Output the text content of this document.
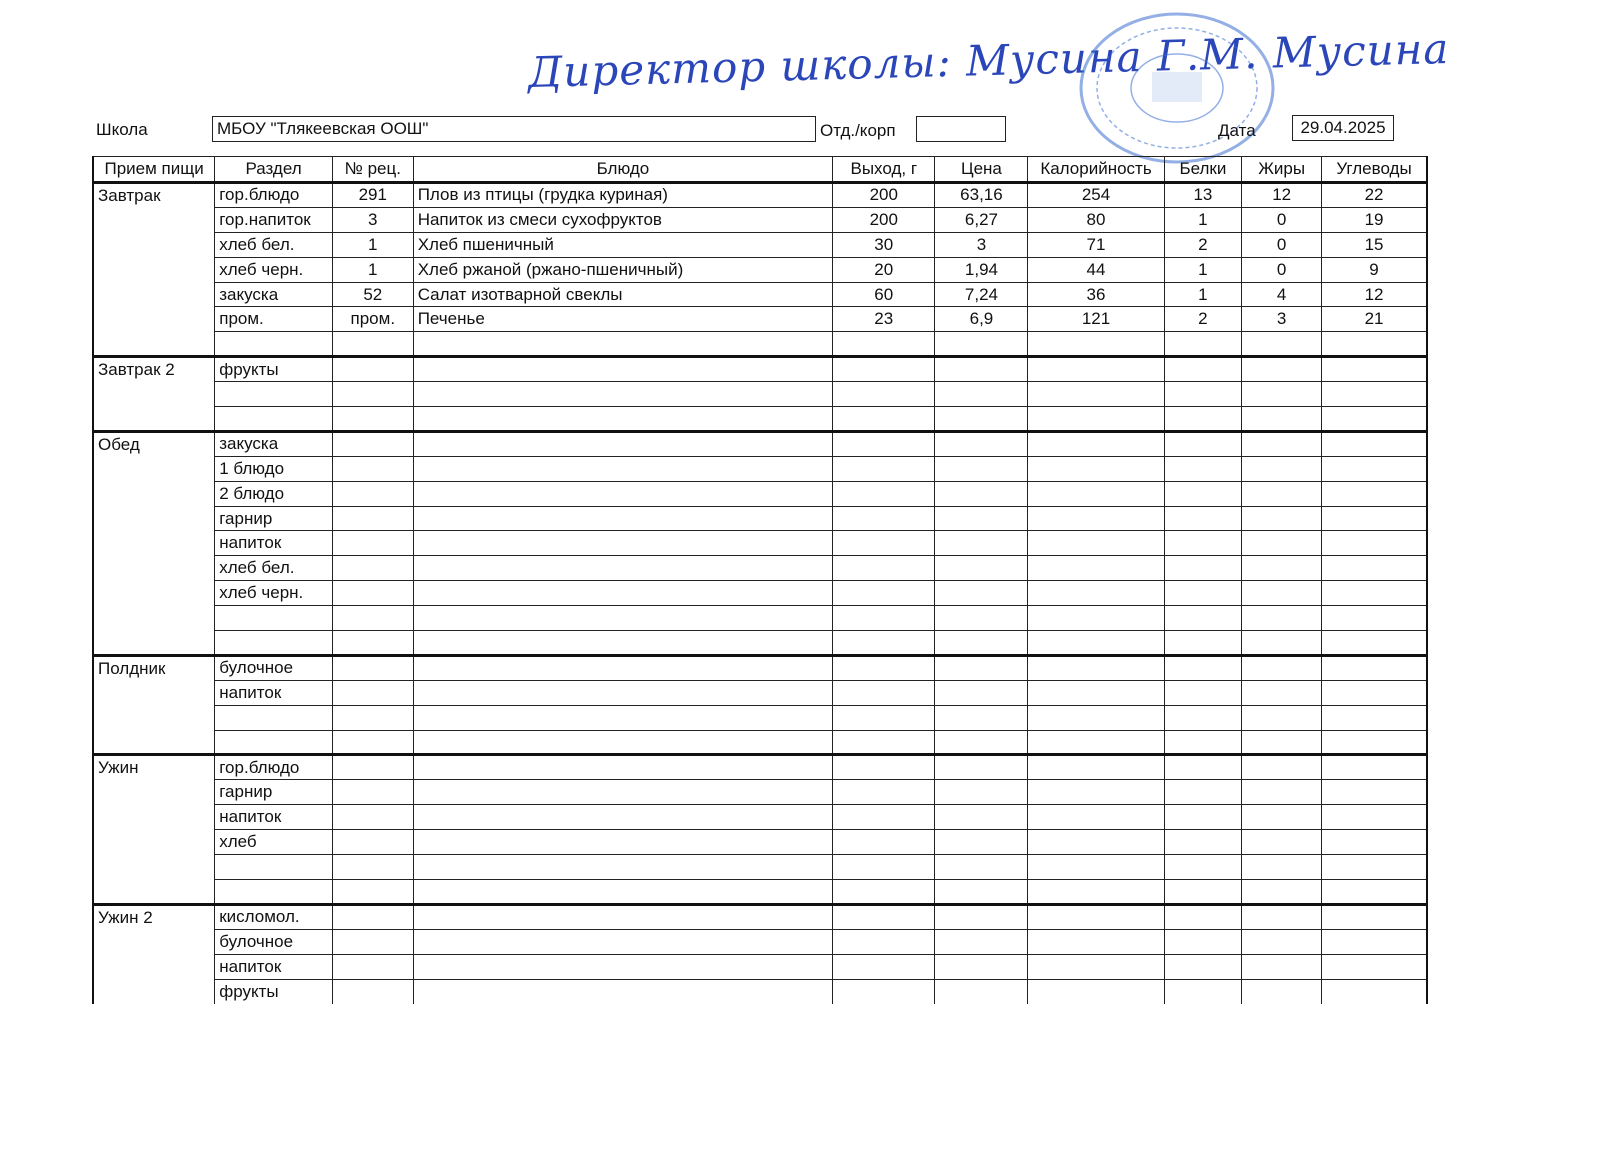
Директор школы: Мусина Г.М. Мусина
Школа	МБОУ "Тлякеевская ООШ"	Отд./корп	Дата	29.04.2025
Прием пищи	Раздел	№ рец.	Блюдо	Выход, г	Цена	Калорийность	Белки	Жиры	Углеводы
Завтрак	гор.блюдо	291	Плов из птицы (грудка куриная)	200	63,16	254	13	12	22
	гор.напиток	3	Напиток из смеси сухофруктов	200	6,27	80	1	0	19
	хлеб бел.	1	Хлеб пшеничный	30	3	71	2	0	15
	хлеб черн.	1	Хлеб ржаной (ржано-пшеничный)	20	1,94	44	1	0	9
	закуска	52	Салат изотварной свеклы	60	7,24	36	1	4	12
	пром.	пром.	Печенье	23	6,9	121	2	3	21

Завтрак 2	фрукты								

Обед	закуска								
	1 блюдо								
	2 блюдо								
	гарнир								
	напиток								
	хлеб бел.								
	хлеб черн.								

Полдник	булочное								
	напиток								

Ужин	гор.блюдо								
	гарнир								
	напиток								
	хлеб								

Ужин 2	кисломол.								
	булочное								
	напиток								
	фрукты								
